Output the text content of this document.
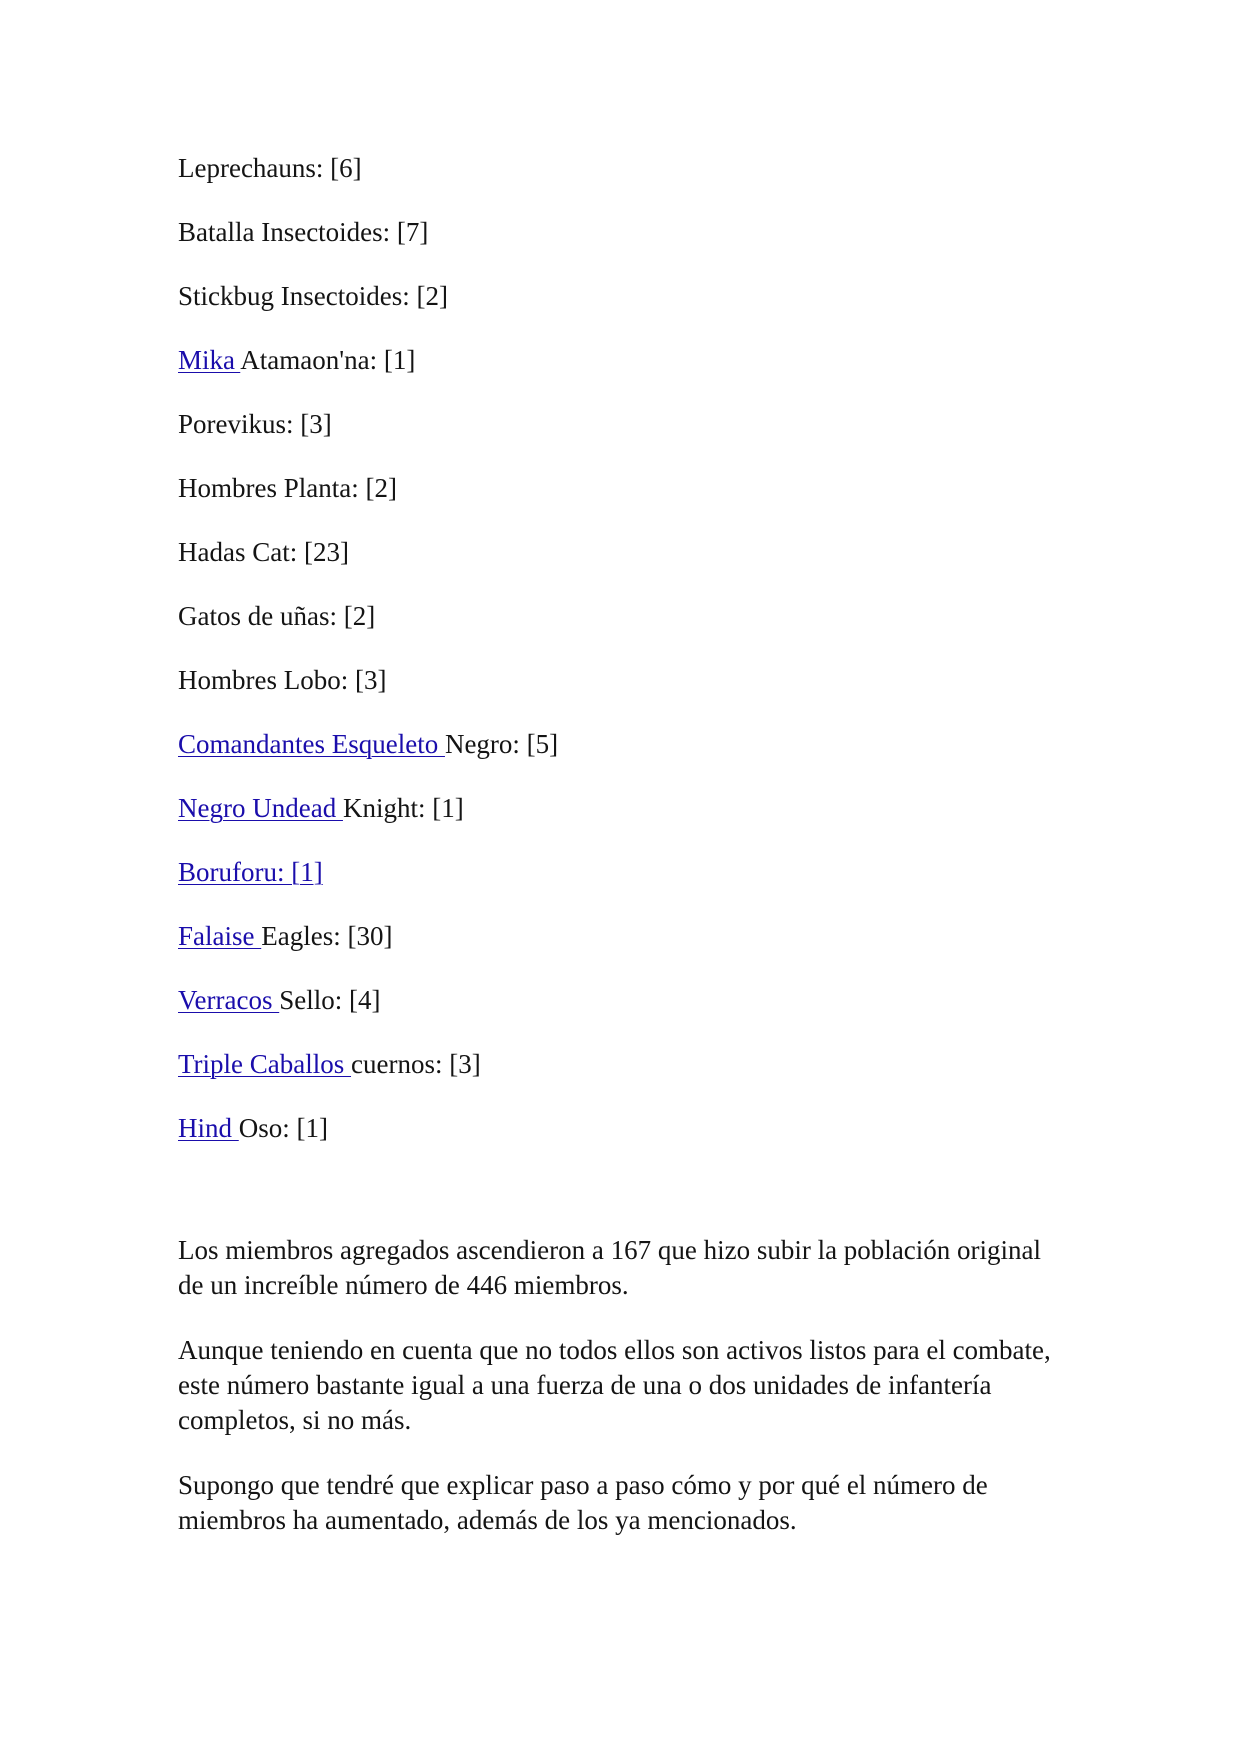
Leprechauns: [6]
Batalla Insectoides: [7]
Stickbug Insectoides: [2]
Mika Atamaon'na: [1]
Porevikus: [3]
Hombres Planta: [2]
Hadas Cat: [23]
Gatos de uñas: [2]
Hombres Lobo: [3]
Comandantes Esqueleto Negro: [5]
Negro Undead Knight: [1]
Boruforu: [1]
Falaise Eagles: [30]
Verracos Sello: [4]
Triple Caballos cuernos: [3]
Hind Oso: [1]

Los miembros agregados ascendieron a 167 que hizo subir la población original de un increíble número de 446 miembros.

Aunque teniendo en cuenta que no todos ellos son activos listos para el combate, este número bastante igual a una fuerza de una o dos unidades de infantería completos, si no más.

Supongo que tendré que explicar paso a paso cómo y por qué el número de miembros ha aumentado, además de los ya mencionados.
